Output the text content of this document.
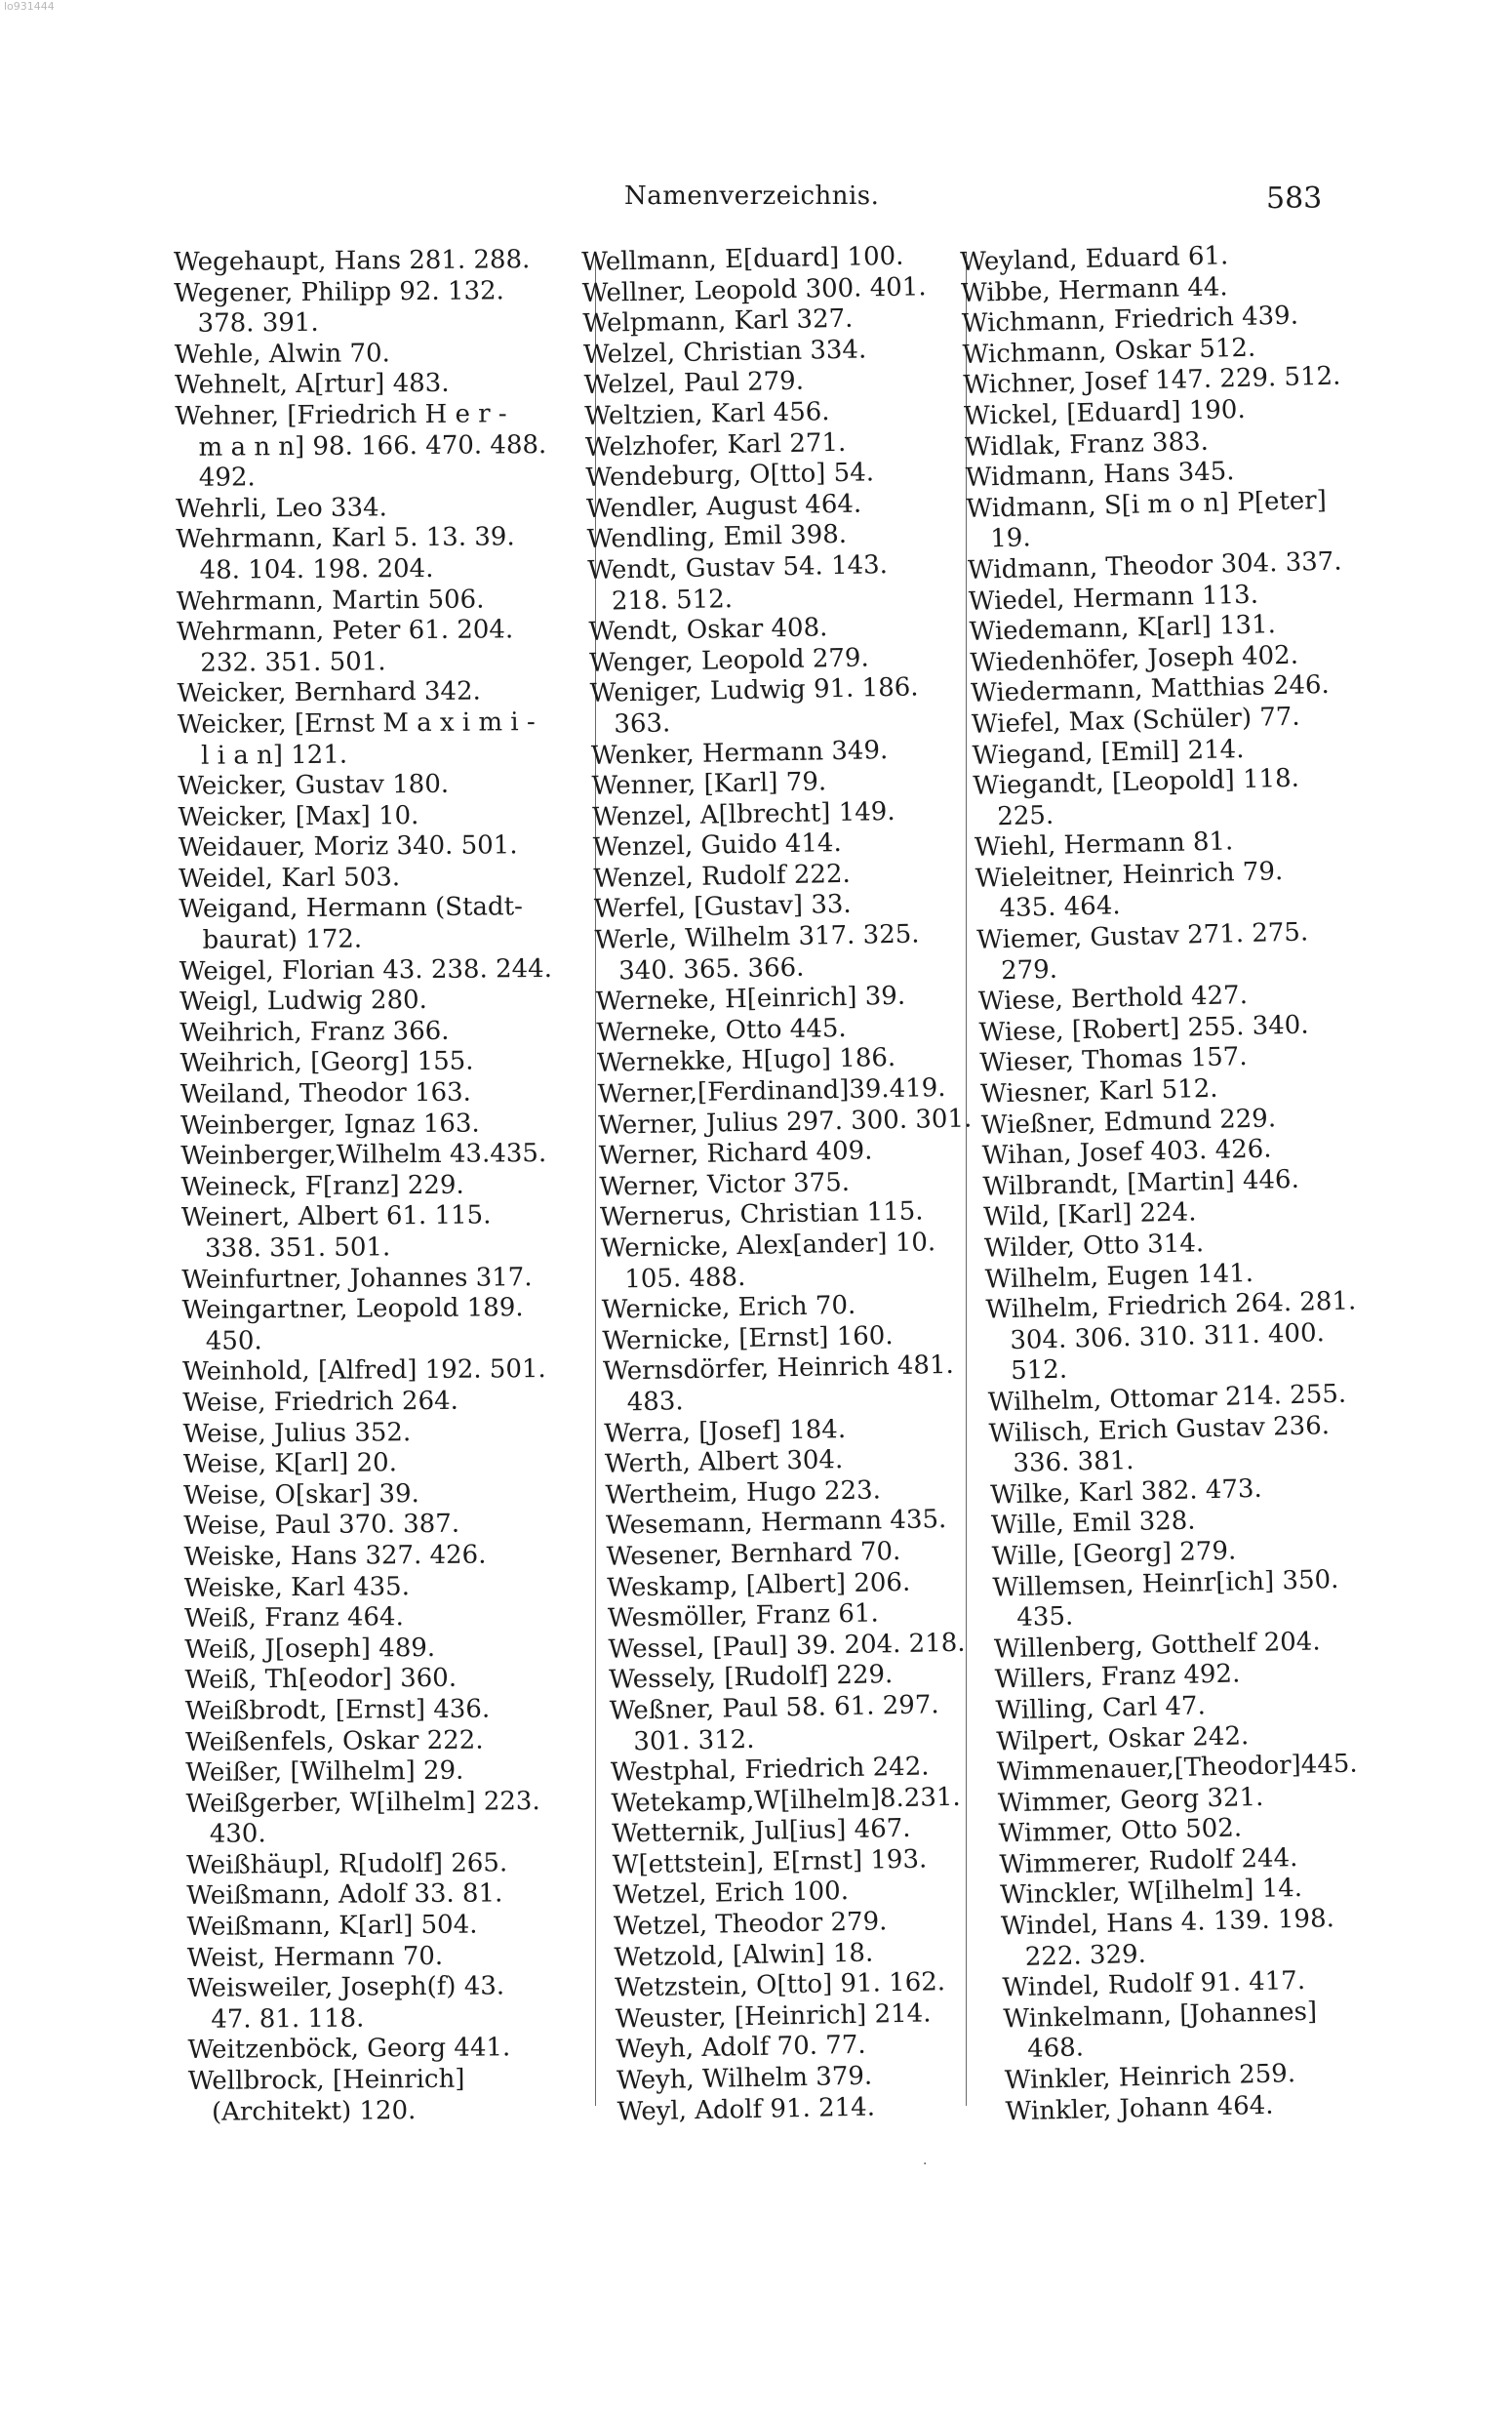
lo931444
Namenverzeichnis.	583
Wegehaupt, Hans 281. 288.
Wegener, Philipp 92. 132.
378. 391.
Wehle, Alwin 70.
Wehnelt, A[rtur] 483.
Wehner, [Friedrich H e r -
m a n n] 98. 166. 470. 488.
492.
Wehrli, Leo 334.
Wehrmann, Karl 5. 13. 39.
48. 104. 198. 204.
Wehrmann, Martin 506.
Wehrmann, Peter 61. 204.
232. 351. 501.
Weicker, Bernhard 342.
Weicker, [Ernst M a x i m i -
l i a n] 121.
Weicker, Gustav 180.
Weicker, [Max] 10.
Weidauer, Moriz 340. 501.
Weidel, Karl 503.
Weigand, Hermann (Stadt-
baurat) 172.
Weigel, Florian 43. 238. 244.
Weigl, Ludwig 280.
Weihrich, Franz 366.
Weihrich, [Georg] 155.
Weiland, Theodor 163.
Weinberger, Ignaz 163.
Weinberger,Wilhelm 43.435.
Weineck, F[ranz] 229.
Weinert, Albert 61. 115.
338. 351. 501.
Weinfurtner, Johannes 317.
Weingartner, Leopold 189.
450.
Weinhold, [Alfred] 192. 501.
Weise, Friedrich 264.
Weise, Julius 352.
Weise, K[arl] 20.
Weise, O[skar] 39.
Weise, Paul 370. 387.
Weiske, Hans 327. 426.
Weiske, Karl 435.
Weiß, Franz 464.
Weiß, J[oseph] 489.
Weiß, Th[eodor] 360.
Weißbrodt, [Ernst] 436.
Weißenfels, Oskar 222.
Weißer, [Wilhelm] 29.
Weißgerber, W[ilhelm] 223.
430.
Weißhäupl, R[udolf] 265.
Weißmann, Adolf 33. 81.
Weißmann, K[arl] 504.
Weist, Hermann 70.
Weisweiler, Joseph(f) 43.
47. 81. 118.
Weitzenböck, Georg 441.
Wellbrock, [Heinrich]
(Architekt) 120.
Wellmann, E[duard] 100.
Wellner, Leopold 300. 401.
Welpmann, Karl 327.
Welzel, Christian 334.
Welzel, Paul 279.
Weltzien, Karl 456.
Welzhofer, Karl 271.
Wendeburg, O[tto] 54.
Wendler, August 464.
Wendling, Emil 398.
Wendt, Gustav 54. 143.
218. 512.
Wendt, Oskar 408.
Wenger, Leopold 279.
Weniger, Ludwig 91. 186.
363.
Wenker, Hermann 349.
Wenner, [Karl] 79.
Wenzel, A[lbrecht] 149.
Wenzel, Guido 414.
Wenzel, Rudolf 222.
Werfel, [Gustav] 33.
Werle, Wilhelm 317. 325.
340. 365. 366.
Werneke, H[einrich] 39.
Werneke, Otto 445.
Wernekke, H[ugo] 186.
Werner,[Ferdinand]39.419.
Werner, Julius 297. 300. 301.
Werner, Richard 409.
Werner, Victor 375.
Wernerus, Christian 115.
Wernicke, Alex[ander] 10.
105. 488.
Wernicke, Erich 70.
Wernicke, [Ernst] 160.
Wernsdörfer, Heinrich 481.
483.
Werra, [Josef] 184.
Werth, Albert 304.
Wertheim, Hugo 223.
Wesemann, Hermann 435.
Wesener, Bernhard 70.
Weskamp, [Albert] 206.
Wesmöller, Franz 61.
Wessel, [Paul] 39. 204. 218.
Wessely, [Rudolf] 229.
Weßner, Paul 58. 61. 297.
301. 312.
Westphal, Friedrich 242.
Wetekamp,W[ilhelm]8.231.
Wetternik, Jul[ius] 467.
W[ettstein], E[rnst] 193.
Wetzel, Erich 100.
Wetzel, Theodor 279.
Wetzold, [Alwin] 18.
Wetzstein, O[tto] 91. 162.
Weuster, [Heinrich] 214.
Weyh, Adolf 70. 77.
Weyh, Wilhelm 379.
Weyl, Adolf 91. 214.
Weyland, Eduard 61.
Wibbe, Hermann 44.
Wichmann, Friedrich 439.
Wichmann, Oskar 512.
Wichner, Josef 147. 229. 512.
Wickel, [Eduard] 190.
Widlak, Franz 383.
Widmann, Hans 345.
Widmann, S[i m o n] P[eter]
19.
Widmann, Theodor 304. 337.
Wiedel, Hermann 113.
Wiedemann, K[arl] 131.
Wiedenhöfer, Joseph 402.
Wiedermann, Matthias 246.
Wiefel, Max (Schüler) 77.
Wiegand, [Emil] 214.
Wiegandt, [Leopold] 118.
225.
Wiehl, Hermann 81.
Wieleitner, Heinrich 79.
435. 464.
Wiemer, Gustav 271. 275.
279.
Wiese, Berthold 427.
Wiese, [Robert] 255. 340.
Wieser, Thomas 157.
Wiesner, Karl 512.
Wießner, Edmund 229.
Wihan, Josef 403. 426.
Wilbrandt, [Martin] 446.
Wild, [Karl] 224.
Wilder, Otto 314.
Wilhelm, Eugen 141.
Wilhelm, Friedrich 264. 281.
304. 306. 310. 311. 400.
512.
Wilhelm, Ottomar 214. 255.
Wilisch, Erich Gustav 236.
336. 381.
Wilke, Karl 382. 473.
Wille, Emil 328.
Wille, [Georg] 279.
Willemsen, Heinr[ich] 350.
435.
Willenberg, Gotthelf 204.
Willers, Franz 492.
Willing, Carl 47.
Wilpert, Oskar 242.
Wimmenauer,[Theodor]445.
Wimmer, Georg 321.
Wimmer, Otto 502.
Wimmerer, Rudolf 244.
Winckler, W[ilhelm] 14.
Windel, Hans 4. 139. 198.
222. 329.
Windel, Rudolf 91. 417.
Winkelmann, [Johannes]
468.
Winkler, Heinrich 259.
Winkler, Johann 464.
·
